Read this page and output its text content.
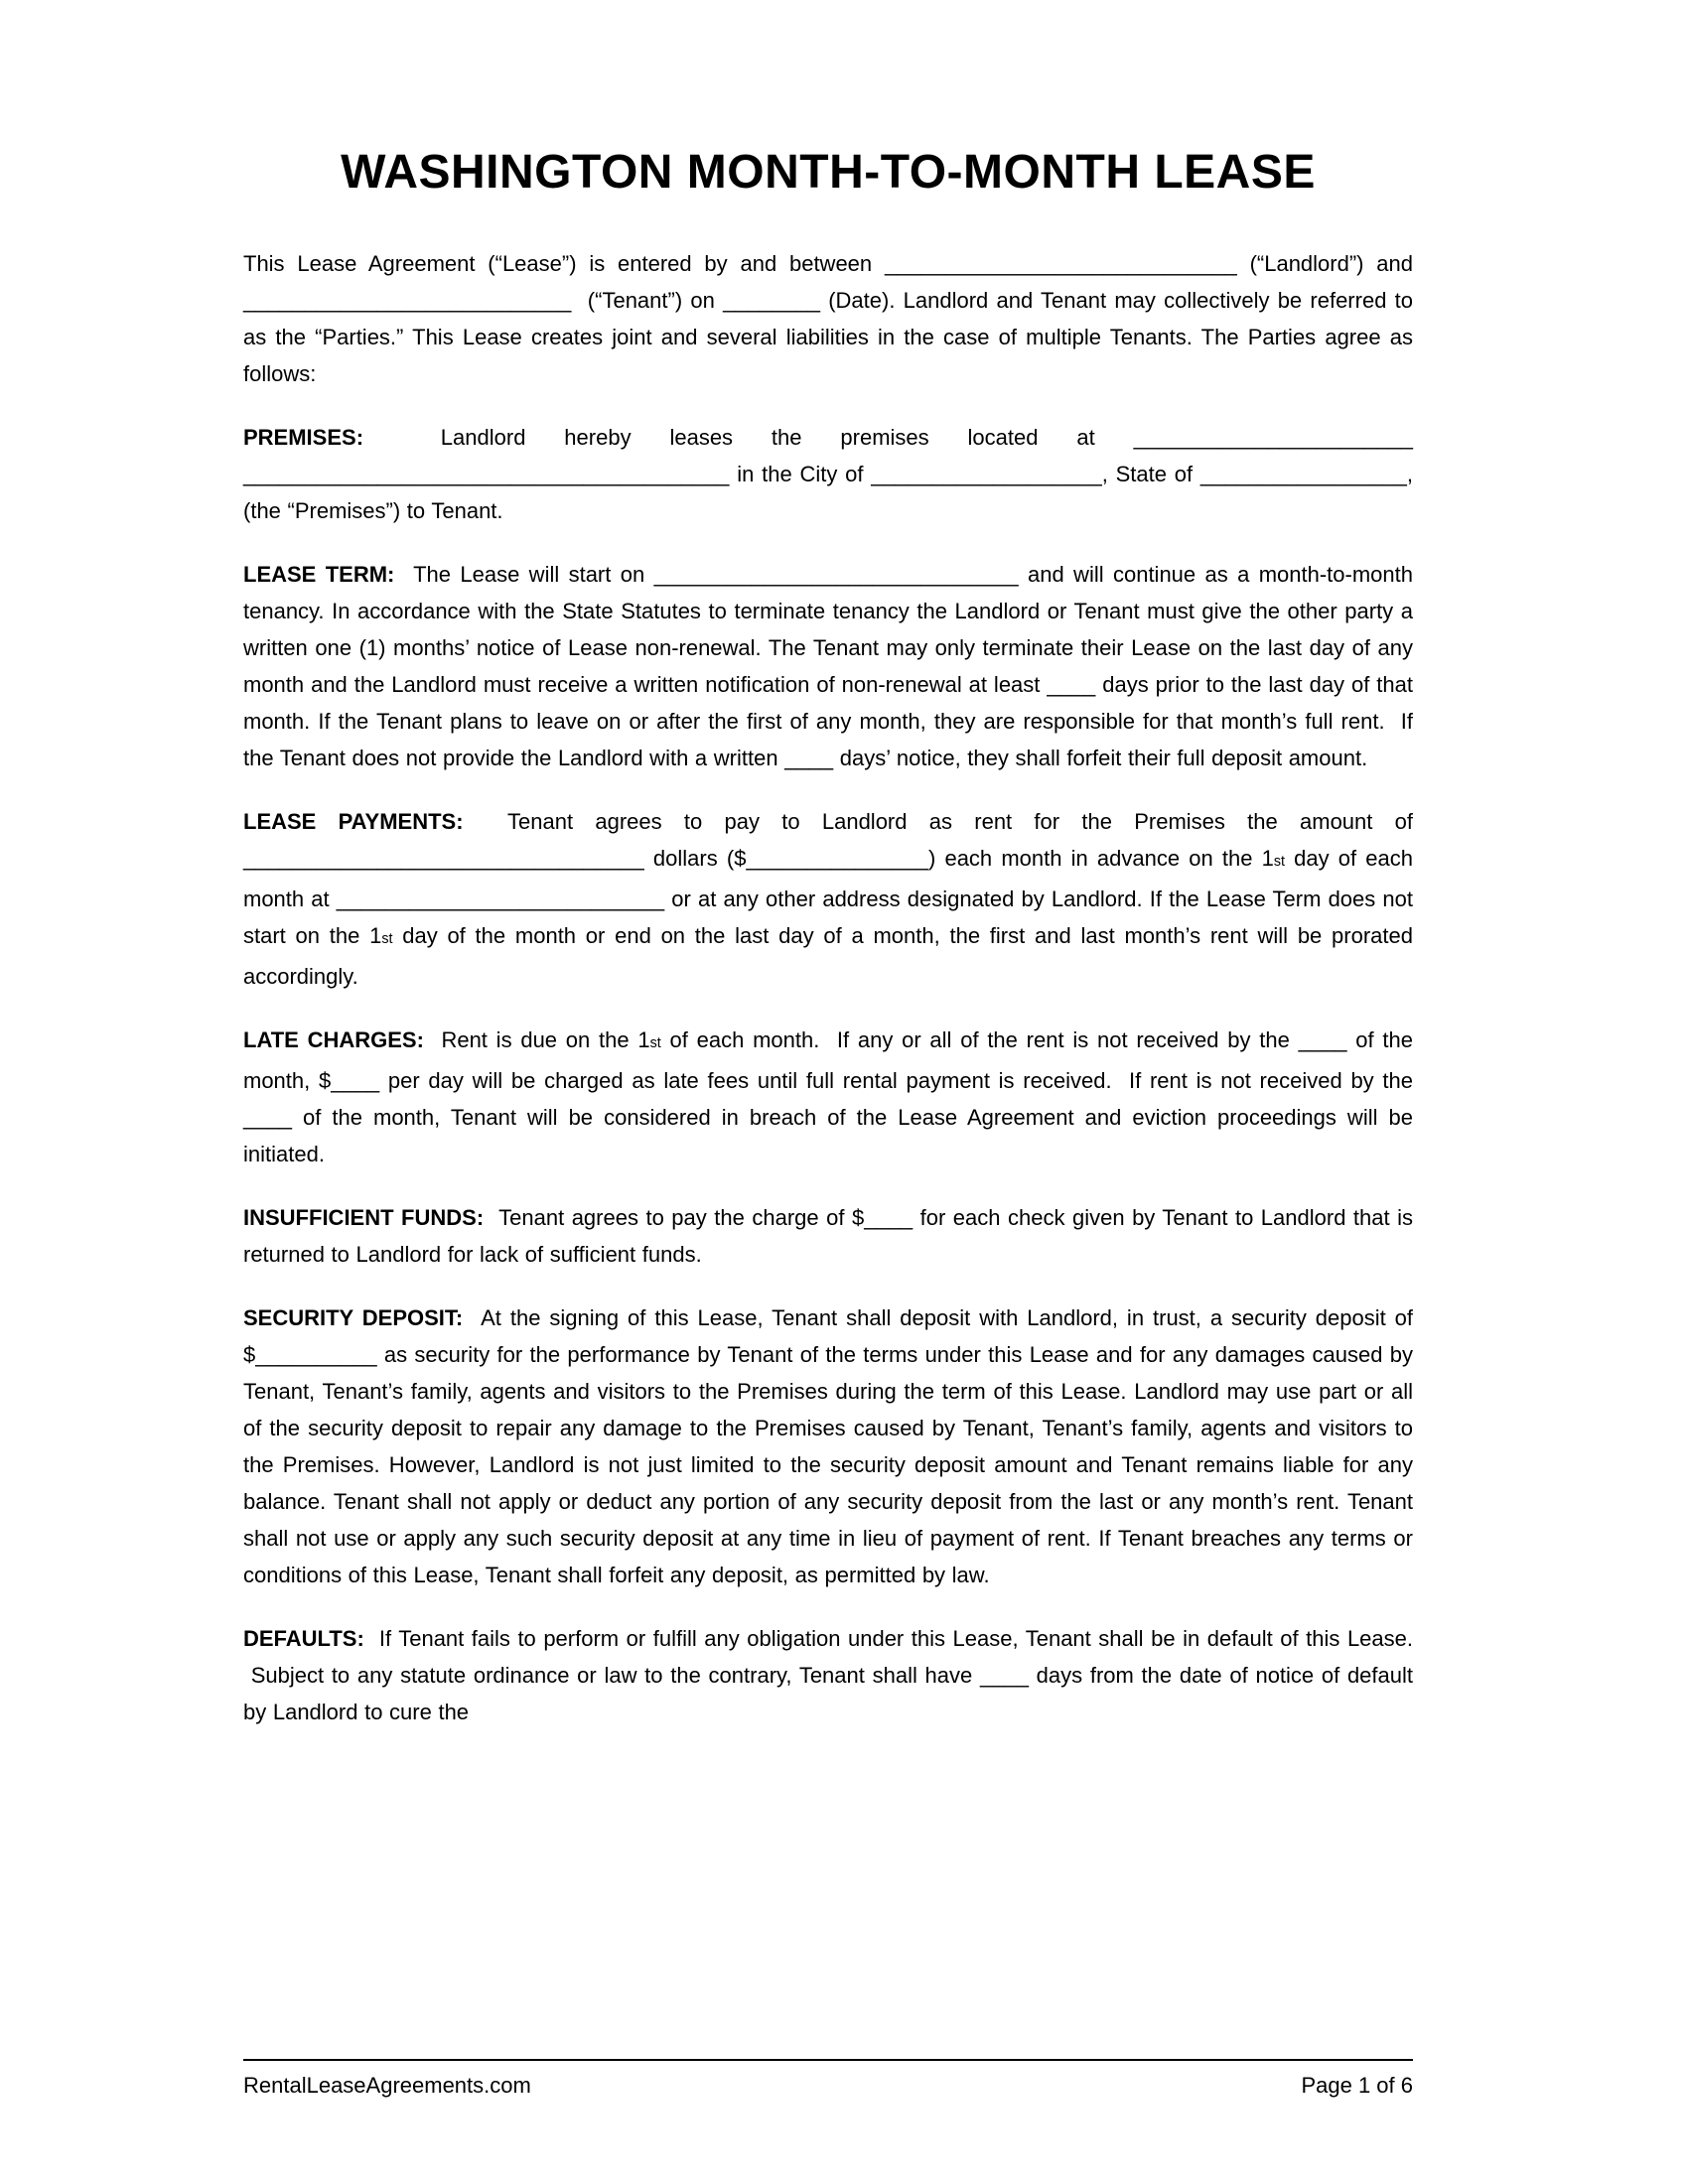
WASHINGTON MONTH-TO-MONTH LEASE

This Lease Agreement (“Lease”) is entered by and between _____________________________ (“Landlord”) and ___________________________  (“Tenant”) on ________ (Date). Landlord and Tenant may collectively be referred to as the “Parties.” This Lease creates joint and several liabilities in the case of multiple Tenants. The Parties agree as follows:

PREMISES:  Landlord hereby leases the premises located at _______________________ ________________________________________ in the City of ___________________, State of _________________, (the “Premises”) to Tenant.

LEASE TERM:  The Lease will start on ______________________________ and will continue as a month-to-month tenancy. In accordance with the State Statutes to terminate tenancy the Landlord or Tenant must give the other party a written one (1) months’ notice of Lease non-renewal. The Tenant may only terminate their Lease on the last day of any month and the Landlord must receive a written notification of non-renewal at least ____ days prior to the last day of that month. If the Tenant plans to leave on or after the first of any month, they are responsible for that month’s full rent.  If the Tenant does not provide the Landlord with a written ____ days’ notice, they shall forfeit their full deposit amount.

LEASE PAYMENTS:  Tenant agrees to pay to Landlord as rent for the Premises the amount of _________________________________ dollars ($_______________) each month in advance on the 1st day of each month at ___________________________ or at any other address designated by Landlord. If the Lease Term does not start on the 1st day of the month or end on the last day of a month, the first and last month’s rent will be prorated accordingly.

LATE CHARGES:  Rent is due on the 1st of each month.  If any or all of the rent is not received by the ____ of the month, $____ per day will be charged as late fees until full rental payment is received.  If rent is not received by the ____ of the month, Tenant will be considered in breach of the Lease Agreement and eviction proceedings will be initiated.

INSUFFICIENT FUNDS:  Tenant agrees to pay the charge of $____ for each check given by Tenant to Landlord that is returned to Landlord for lack of sufficient funds.

SECURITY DEPOSIT:  At the signing of this Lease, Tenant shall deposit with Landlord, in trust, a security deposit of $__________ as security for the performance by Tenant of the terms under this Lease and for any damages caused by Tenant, Tenant’s family, agents and visitors to the Premises during the term of this Lease. Landlord may use part or all of the security deposit to repair any damage to the Premises caused by Tenant, Tenant’s family, agents and visitors to the Premises. However, Landlord is not just limited to the security deposit amount and Tenant remains liable for any balance. Tenant shall not apply or deduct any portion of any security deposit from the last or any month’s rent. Tenant shall not use or apply any such security deposit at any time in lieu of payment of rent. If Tenant breaches any terms or conditions of this Lease, Tenant shall forfeit any deposit, as permitted by law.

DEFAULTS:  If Tenant fails to perform or fulfill any obligation under this Lease, Tenant shall be in default of this Lease.  Subject to any statute ordinance or law to the contrary, Tenant shall have ____ days from the date of notice of default by Landlord to cure the

RentalLeaseAgreements.com	Page 1 of 6
